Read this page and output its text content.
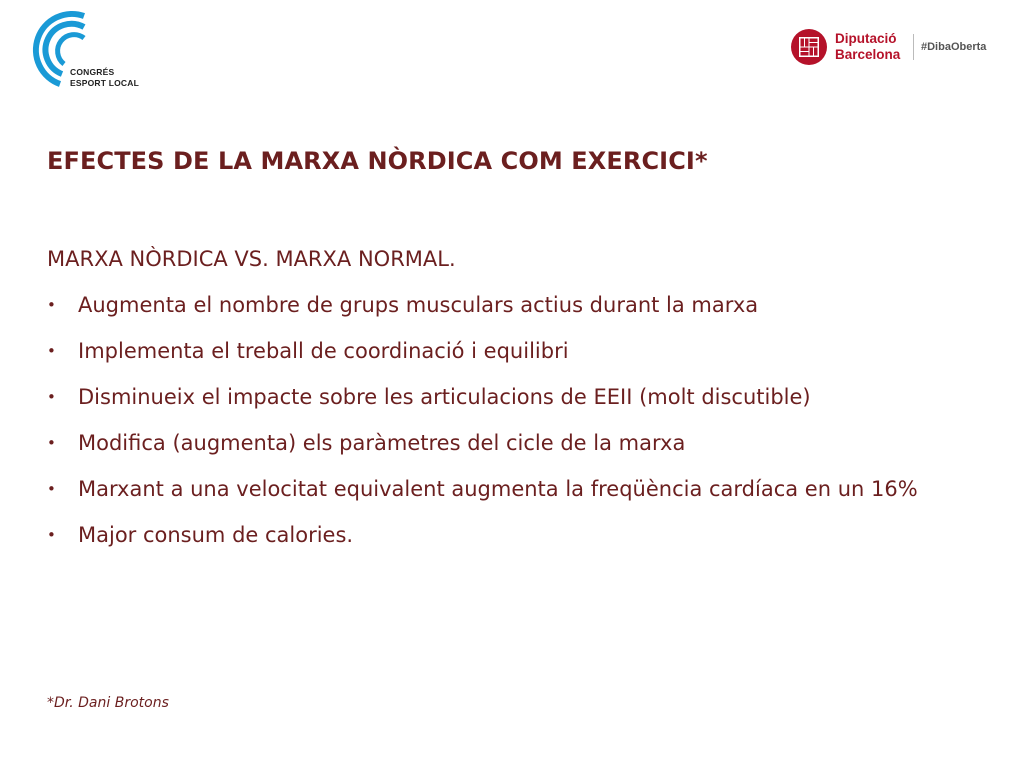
CONGRÉS
ESPORT LOCAL
Diputació
Barcelona #DibaOberta
EFECTES DE LA MARXA NÒRDICA COM EXERCICI*

MARXA NÒRDICA VS. MARXA NORMAL.

• Augmenta el nombre de grups musculars actius durant la marxa
• Implementa el treball de coordinació i equilibri
• Disminueix el impacte sobre les articulacions de EEII (molt discutible)
• Modifica (augmenta) els paràmetres del cicle de la marxa
• Marxant a una velocitat equivalent augmenta la freqüència cardíaca en un 16%
• Major consum de calories.
*Dr. Dani Brotons
